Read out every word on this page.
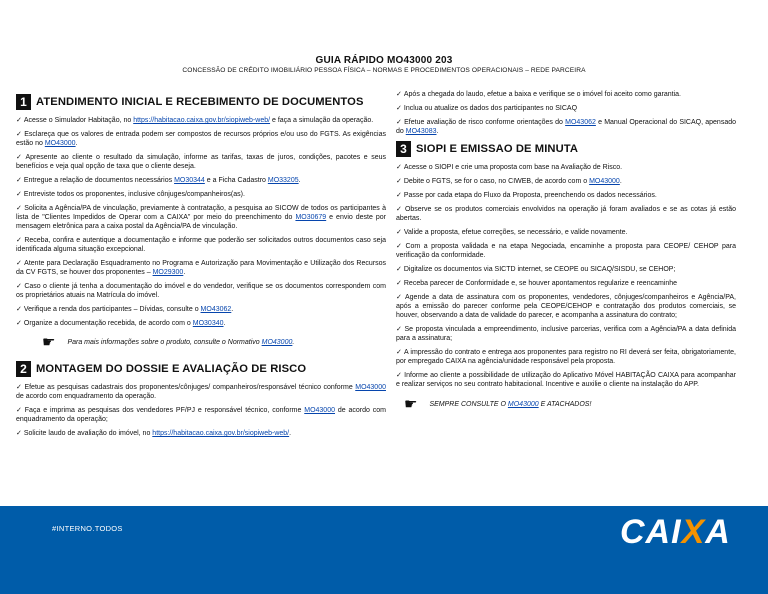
GUIA RÁPIDO MO43000 203
CONCESSÃO DE CRÉDITO IMOBILIÁRIO PESSOA FÍSICA – NORMAS E PROCEDIMENTOS OPERACIONAIS – REDE PARCEIRA
1 ATENDIMENTO INICIAL E RECEBIMENTO DE DOCUMENTOS
✓ Acesse o Simulador Habitação, no https://habitacao.caixa.gov.br/siopiweb-web/ e faça a simulação da operação.
✓ Esclareça que os valores de entrada podem ser compostos de recursos próprios e/ou uso do FGTS. As exigências estão no MO43000.
✓ Apresente ao cliente o resultado da simulação, informe as tarifas, taxas de juros, condições, pacotes e seus benefícios e veja qual opção de taxa que o cliente deseja.
✓ Entregue a relação de documentos necessários MO30344 e a Ficha Cadastro MO33205.
✓ Entreviste todos os proponentes, inclusive cônjuges/companheiros(as).
✓ Solicita a Agência/PA de vinculação, previamente à contratação, a pesquisa ao SICOW de todos os participantes à lista de "Clientes Impedidos de Operar com a CAIXA" por meio do preenchimento do MO30679 e envio deste por mensagem eletrônica para a caixa postal da Agência/PA de vinculação.
✓ Receba, confira e autentique a documentação e informe que poderão ser solicitados outros documentos caso seja identificada alguma situação excepcional.
✓ Atente para Declaração Esquadramento no Programa e Autorização para Movimentação e Utilização dos Recursos da CV FGTS, se houver dos proponentes – MO29300.
✓ Caso o cliente já tenha a documentação do imóvel e do vendedor, verifique se os documentos correspondem com os proprietários atuais na Matrícula do imóvel.
✓ Verifique a renda dos participantes – Dívidas, consulte o MO43062.
✓ Organize a documentação recebida, de acordo com o MO30340.
☛ Para mais informações sobre o produto, consulte o Normativo MO43000.
2 MONTAGEM DO DOSSIE E AVALIAÇÃO DE RISCO
✓ Efetue as pesquisas cadastrais dos proponentes/cônjuges/ companheiros/responsável técnico conforme MO43000 de acordo com enquadramento da operação.
✓ Faça e imprima as pesquisas dos vendedores PF/PJ e responsável técnico, conforme MO43000 de acordo com enquadramento da operação;
✓ Solicite laudo de avaliação do imóvel, no https://habitacao.caixa.gov.br/siopiweb-web/.
✓ Após a chegada do laudo, efetue a baixa e verifique se o imóvel foi aceito como garantia.
✓ Inclua ou atualize os dados dos participantes no SICAQ
✓ Efetue avaliação de risco conforme orientações do MO43062 e Manual Operacional do SICAQ, apensado do MO43083.
3 SIOPI E EMISSAO DE MINUTA
✓ Acesse o SIOPI e crie uma proposta com base na Avaliação de Risco.
✓ Debite o FGTS, se for o caso, no CIWEB, de acordo com o MO43000.
✓ Passe por cada etapa do Fluxo da Proposta, preenchendo os dados necessários.
✓ Observe se os produtos comerciais envolvidos na operação já foram avaliados e se as cotas já estão abertas.
✓ Valide a proposta, efetue correções, se necessário, e valide novamente.
✓ Com a proposta validada e na etapa Negociada, encaminhe a proposta para CEOPE/ CEHOP para verificação da conformidade.
✓ Digitalize os documentos via SICTD internet, se CEOPE ou SICAQ/SISDU, se CEHOP;
✓ Receba parecer de Conformidade e, se houver apontamentos regularize e reencaminhe
✓ Agende a data de assinatura com os proponentes, vendedores, cônjuges/companheiros e Agência/PA, após a emissão do parecer conforme pela CEOPE/CEHOP e contratação dos produtos comerciais, se houver, observando a data de validade do parecer, e acompanha a assinatura do contrato;
✓ Se proposta vinculada a empreendimento, inclusive parcerias, verifica com a Agência/PA a data definida para a assinatura;
✓ A impressão do contrato e entrega aos proponentes para registro no RI deverá ser feita, obrigatoriamente, por empregado CAIXA na agência/unidade responsável pela proposta.
✓ Informe ao cliente a possibilidade de utilização do Aplicativo Móvel HABITAÇÃO CAIXA para acompanhar e realizar serviços no seu contrato habitacional. Incentive e auxilie o cliente na instalação do APP.
☛ SEMPRE CONSULTE O MO43000 E ATACHADOS!
#INTERNO.TODOS	CAIXA
